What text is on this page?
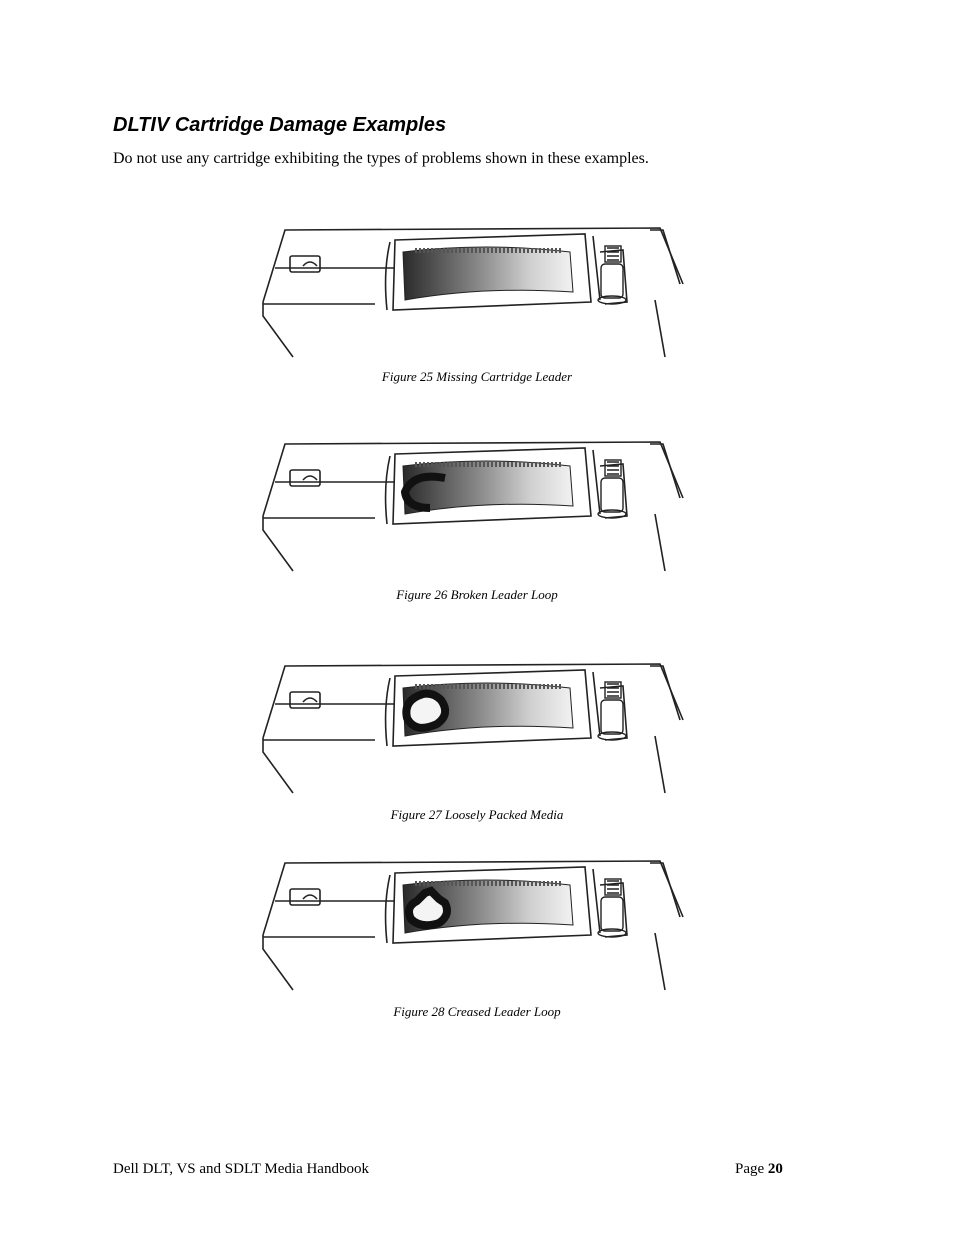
DLTIV Cartridge Damage Examples

Do not use any cartridge exhibiting the types of problems shown in these examples.

Figure 25 Missing Cartridge Leader

Figure 26 Broken Leader Loop

Figure 27 Loosely Packed Media

Figure 28 Creased Leader Loop

Dell DLT, VS and SDLT Media Handbook	Page 20
